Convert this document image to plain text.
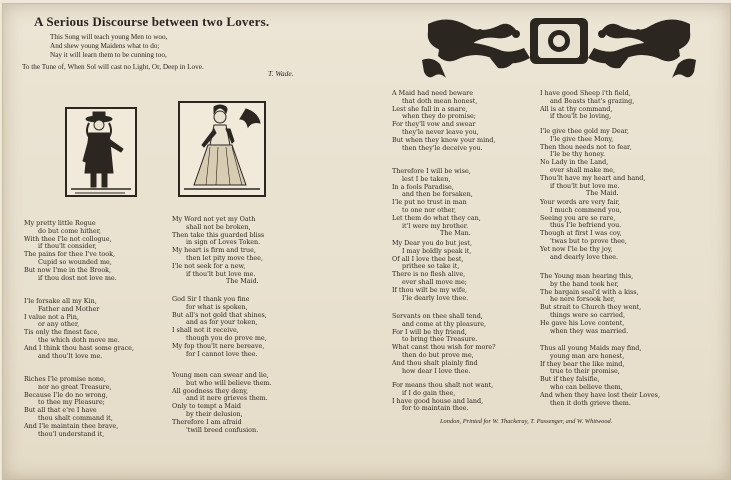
A Serious Discourse between two Lovers.
This Song will teach young Men to woo,
And shew young Maidens what to do;
Nay it will learn them to be cunning too,
To the Tune of, When Sol will cast no Light, Or, Deep in Love.
T. Wade.
My pretty little Rogue
do but come hither,
With thee I'le not collogue,
if thou'lt consider,
The pains for thee I've took,
Cupid so wounded me,
But now I'me in the Brook,
if thou dost not love me.
I'le forsake all my Kin,
Father and Mother
I value not a Pin,
or any other,
Tis only the finest face,
the which doth move me.
And I think thou hast some grace,
and thou'lt love me.
Riches I'le promise none,
nor no great Treasure,
Because I'le do no wrong,
to thee my Pleasure;
But all that e're I have
thou shalt command it,
And I'le maintain thee brave,
thou'l understand it,
My Word not yet my Oath
shall not be broken,
Then take this guarded bliss
in sign of Loves Token.
My heart is firm and true,
then let pity move thee,
I'le not seek for a new,
if thou'lt but love me.
The Maid.
God Sir I thank you fine
for what is spoken,
But all's not gold that shines,
and as for your token,
I shall not it receive,
though you do prove me,
My fop thou'lt nere bereave,
for I cannot love thee.
Young men can swear and lie,
but who will believe them.
All goodness they deny,
and it nere grieves them.
Only to tempt a Maid
by their delusion,
Therefore I am afraid
'twill breed confusion.
A Maid had need beware
that doth mean honest,
Lest she fall in a snare,
when they do promise;
For they'll vow and swear
they'le never leave you,
But when they know your mind,
then they'le deceive you.
Therefore I will be wise,
lest I be taken,
In a fools Paradise,
and then be forsaken,
I'le put no trust in man
to one nor other,
Let them do what they can,
it'l were my brother.
The Man.
My Dear you do but jest,
I may boldly speak it,
Of all I love thee best,
prithee so take it,
There is no flesh alive,
ever shall move me;
If thou wilt be my wife,
I'le dearly love thee.
Servants on thee shall tend,
and come at thy pleasure,
For I will be thy friend,
to bring thee Treasure.
What canst thou wish for more?
then do but prove me,
And thou shalt plainly find
how dear I love thee.
For means thou shalt not want,
if I do gain thee,
I have good house and land,
for to maintain thee.
I have good Sheep i'th field,
and Beasts that's grazing,
All is at thy command,
if thou'lt be loving,
I'le give thee gold my Dear,
I'le give thee Mony,
Then thou needs not to fear,
I'le be thy honey.
No Lady in the Land,
ever shall make me,
Thou'lt have my heart and hand,
if thou'lt but love me.
The Maid.
Your words are very fair,
I much commend you,
Seeing you are so rare,
thus I'le befriend you.
Though at first I was coy,
'twas but to prove thee,
Yet now I'le be thy joy,
and dearly love thee.
The Young man hearing this,
by the hand took her,
The bargain seal'd with a kiss,
he nere forsook her,
But strait to Church they went,
things were so carried,
He gave his Love content,
when they was married.
Thus all young Maids may find,
young man are honest,
If they bear the like mind,
true to their promise,
But if they falsifie,
who can believe them,
And when they have lost their Loves,
then it doth grieve them.
London, Printed for W. Thackeray, T. Passenger, and W. Whitwood.
